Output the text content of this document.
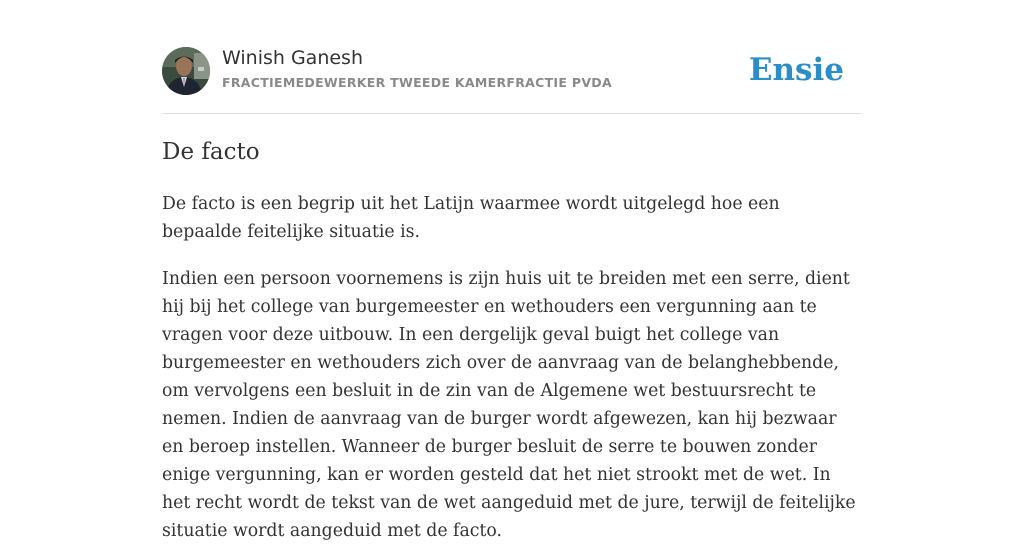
Winish Ganesh
FRACTIEMEDEWERKER TWEEDE KAMERFRACTIE PVDA	Ensie
De facto

De facto is een begrip uit het Latijn waarmee wordt uitgelegd hoe een bepaalde feitelijke situatie is.

Indien een persoon voornemens is zijn huis uit te breiden met een serre, dient hij bij het college van burgemeester en wethouders een vergunning aan te vragen voor deze uitbouw. In een dergelijk geval buigt het college van burgemeester en wethouders zich over de aanvraag van de belanghebbende, om vervolgens een besluit in de zin van de Algemene wet bestuursrecht te nemen. Indien de aanvraag van de burger wordt afgewezen, kan hij bezwaar en beroep instellen. Wanneer de burger besluit de serre te bouwen zonder enige vergunning, kan er worden gesteld dat het niet strookt met de wet. In het recht wordt de tekst van de wet aangeduid met de jure, terwijl de feitelijke situatie wordt aangeduid met de facto.
